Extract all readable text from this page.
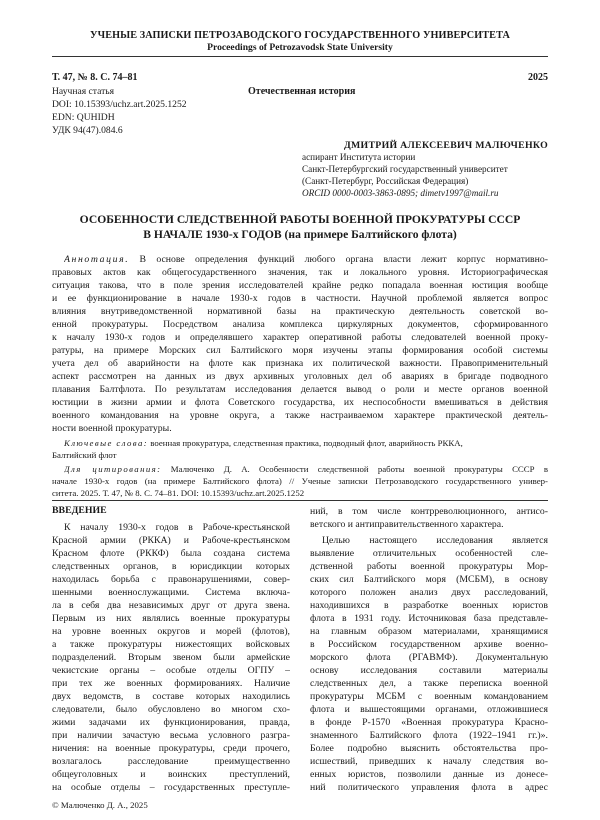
УЧЕНЫЕ ЗАПИСКИ ПЕТРОЗАВОДСКОГО ГОСУДАРСТВЕННОГО УНИВЕРСИТЕТА
Proceedings of Petrozavodsk State University
Т. 47, № 8. С. 74–81	2025
Научная статья	Отечественная история
DOI: 10.15393/uchz.art.2025.1252
EDN: QUHIDH
УДК 94(47).084.6
ДМИТРИЙ АЛЕКСЕЕВИЧ МАЛЮЧЕНКО
аспирант Института истории
Санкт-Петербургский государственный университет
(Санкт-Петербург, Российская Федерация)
ORCID 0000-0003-3863-0895; dimetv1997@mail.ru
ОСОБЕННОСТИ СЛЕДСТВЕННОЙ РАБОТЫ ВОЕННОЙ ПРОКУРАТУРЫ СССР
В НАЧАЛЕ 1930-х ГОДОВ (на примере Балтийского флота)
Аннотация. В основе определения функций любого органа власти лежит корпус нормативно-
правовых актов как общегосударственного значения, так и локального уровня. Историографическая
ситуация такова, что в поле зрения исследователей крайне редко попадала военная юстиция вообще
и ее функционирование в начале 1930-х годов в частности. Научной проблемой является вопрос
влияния внутриведомственной нормативной базы на практическую деятельность советской во-
енной прокуратуры. Посредством анализа комплекса циркулярных документов, сформированного
к началу 1930-х годов и определявшего характер оперативной работы следователей военной проку-
ратуры, на примере Морских сил Балтийского моря изучены этапы формирования особой системы
учета дел об аварийности на флоте как признака их политической важности. Правоприменительный
аспект рассмотрен на данных из двух архивных уголовных дел об авариях в бригаде подводного
плавания Балтфлота. По результатам исследования делается вывод о роли и месте органов военной
юстиции в жизни армии и флота Советского государства, их неспособности вмешиваться в действия
военного командования на уровне округа, а также настраиваемом характере практической деятель-
ности военной прокуратуры.
Ключевые слова: военная прокуратура, следственная практика, подводный флот, аварийность РККА,
Балтийский флот
Для цитирования: Малюченко Д. А. Особенности следственной работы военной прокуратуры СССР в
начале 1930-х годов (на примере Балтийского флота) // Ученые записки Петрозаводского государственного универ-
ситета. 2025. Т. 47, № 8. С. 74–81. DOI: 10.15393/uchz.art.2025.1252
ВВЕДЕНИЕ
К началу 1930-х годов в Рабоче-крестьянской
Красной армии (РККА) и Рабоче-крестьянском
Красном флоте (РККФ) была создана система
следственных органов, в юрисдикции которых
находилась борьба с правонарушениями, совер-
шенными военнослужащими. Система включа-
ла в себя два независимых друг от друга звена.
Первым из них являлись военные прокуратуры
на уровне военных округов и морей (флотов),
а также прокуратуры нижестоящих войсковых
подразделений. Вторым звеном были армейские
чекистские органы – особые отделы ОГПУ –
при тех же военных формированиях. Наличие
двух ведомств, в составе которых находились
следователи, было обусловлено во многом схо-
жими задачами их функционирования, правда,
при наличии зачастую весьма условного разгра-
ничения: на военные прокуратуры, среди прочего,
возлагалось расследование преимущественно
общеуголовных и воинских преступлений,
на особые отделы – государственных преступле-
ний, в том числе контрреволюционного, антисо-
ветского и антиправительственного характера.
Целью настоящего исследования является
выявление отличительных особенностей сле-
дственной работы военной прокуратуры Мор-
ских сил Балтийского моря (МСБМ), в основу
которого положен анализ двух расследований,
находившихся в разработке военных юристов
флота в 1931 году. Источниковая база представле-
на главным образом материалами, хранящимися
в Российском государственном архиве военно-
морского флота (РГАВМФ). Документальную
основу исследования составили материалы
следственных дел, а также переписка военной
прокуратуры МСБМ с военным командованием
флота и вышестоящими органами, отложившиеся
в фонде Р-1570 «Военная прокуратура Красно-
знаменного Балтийского флота (1922–1941 гг.)».
Более подробно выяснить обстоятельства про-
исшествий, приведших к началу следствия во-
енных юристов, позволили данные из донесе-
ний политического управления флота в адрес
© Малюченко Д. А., 2025
